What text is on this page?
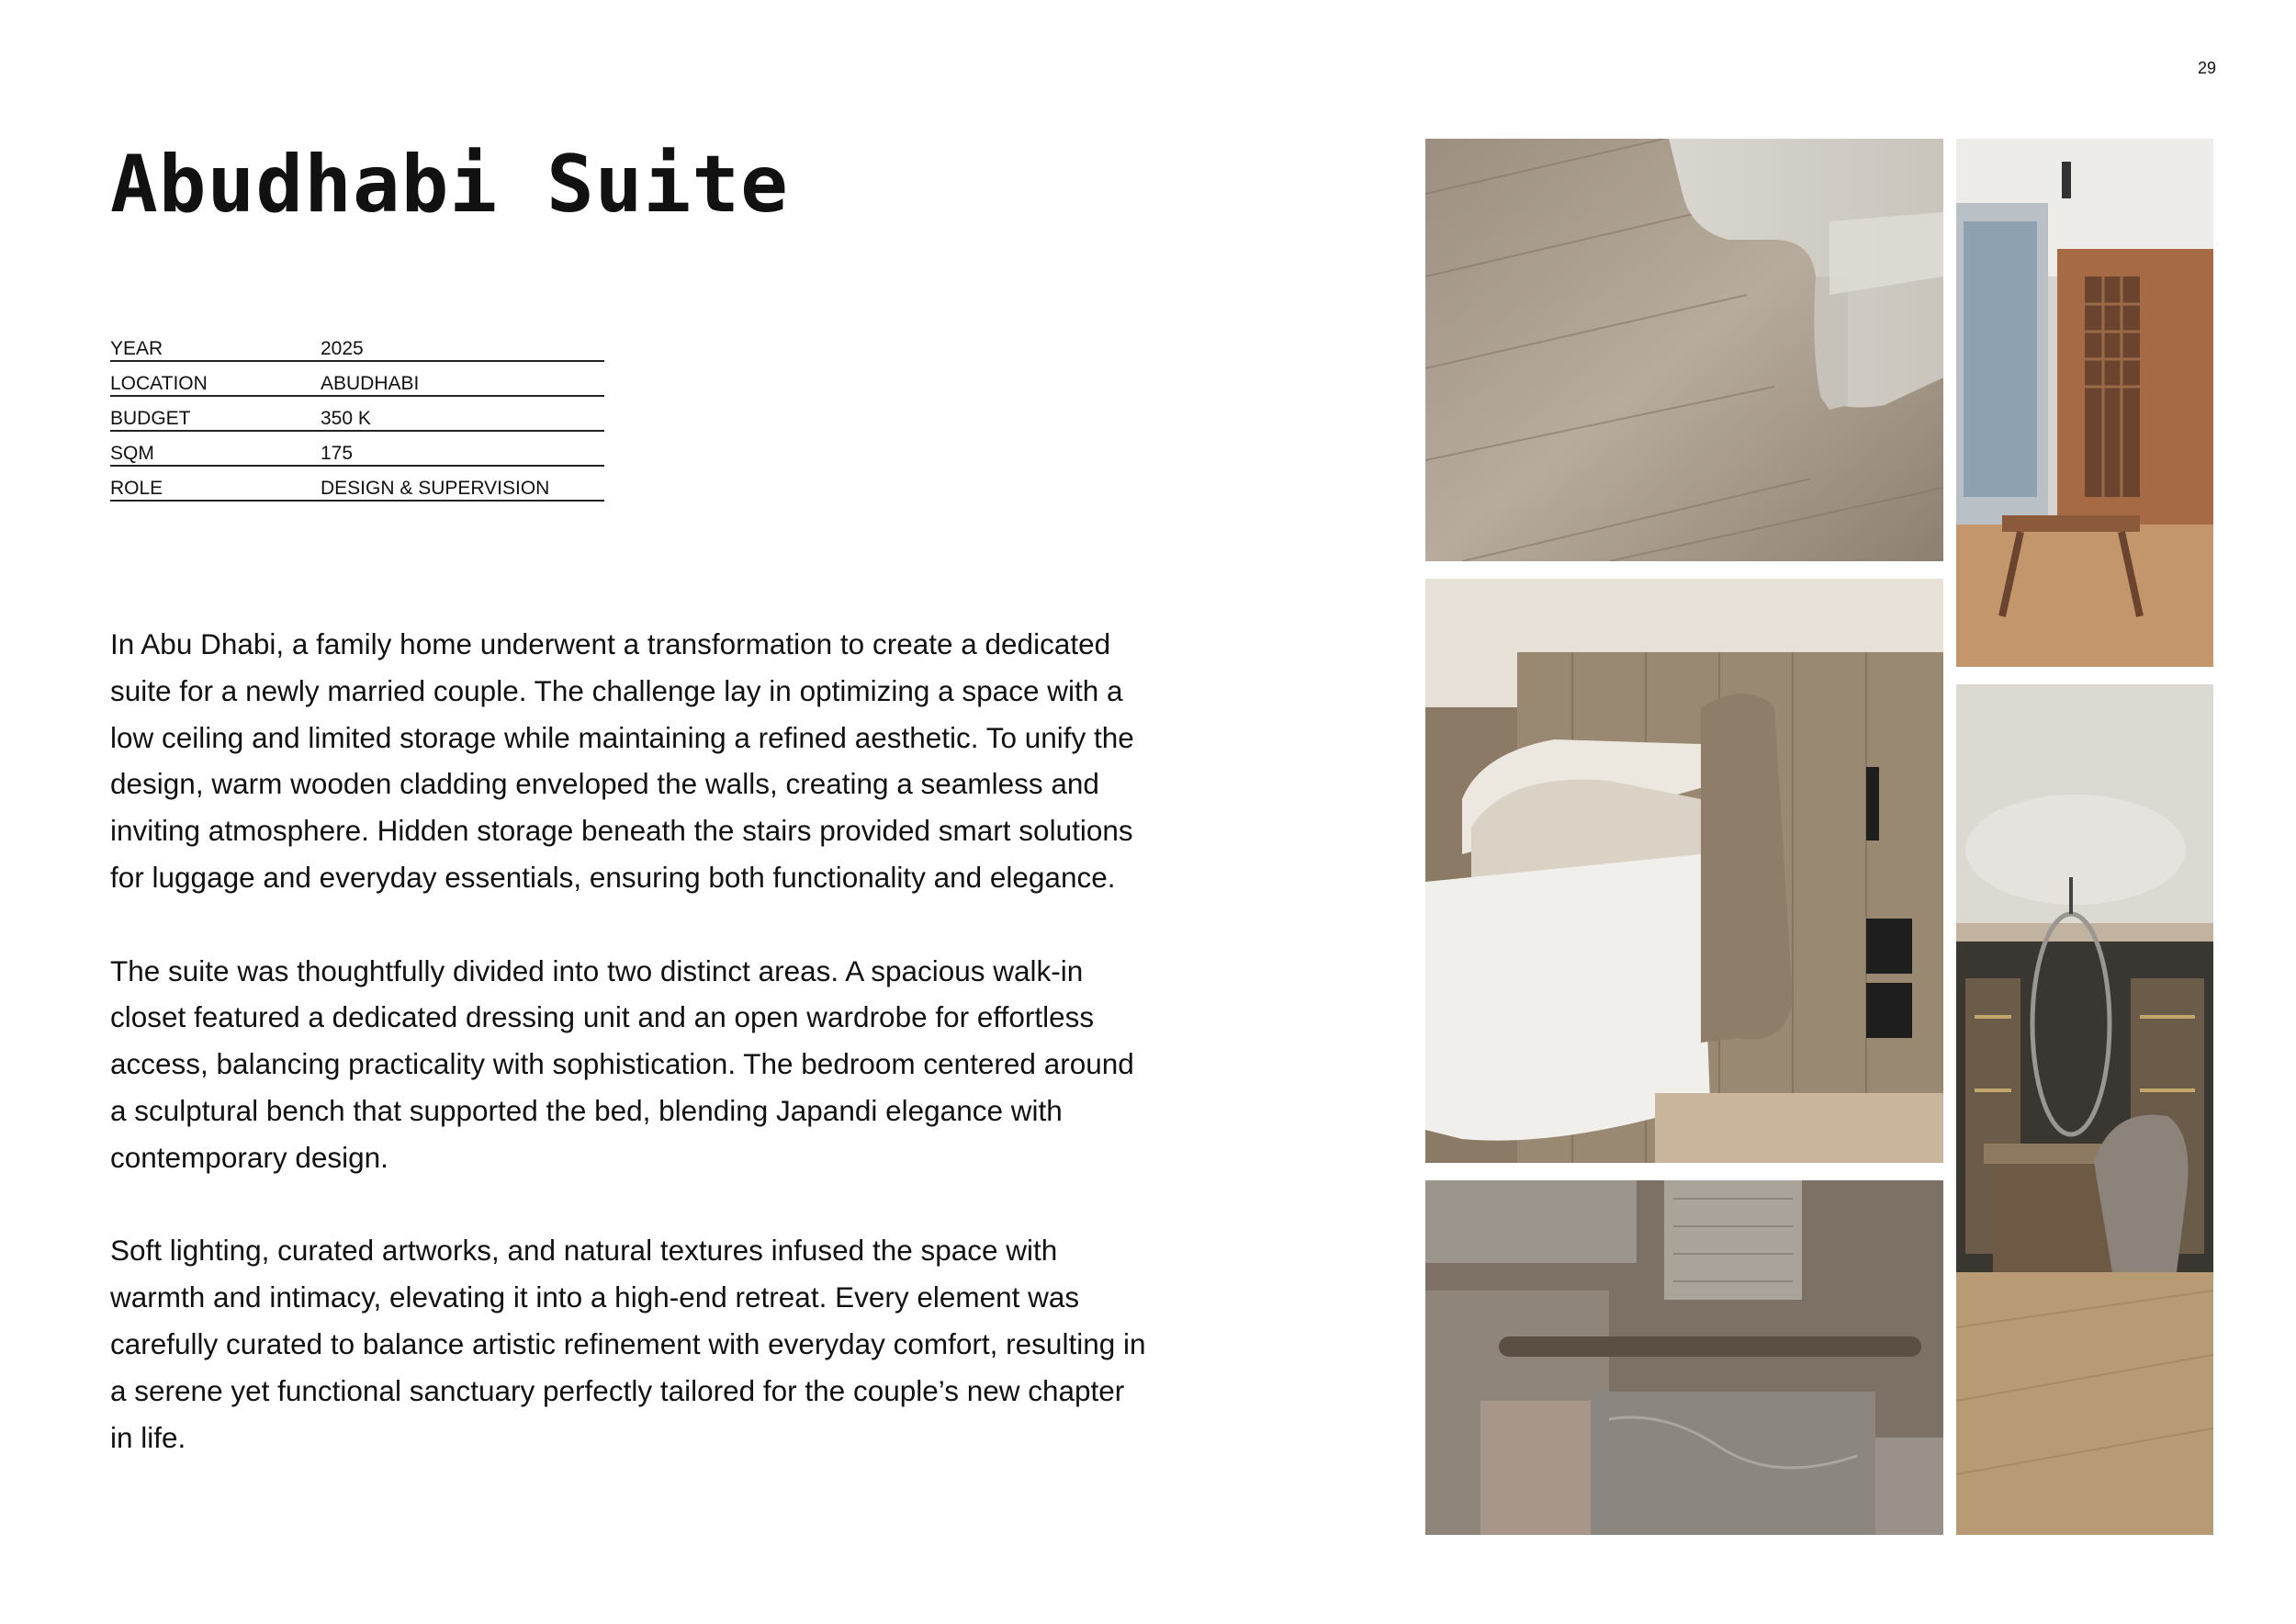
29
Abudhabi Suite
YEAR	2025
LOCATION	ABUDHABI
BUDGET	350 K
SQM	175
ROLE	DESIGN & SUPERVISION

In Abu Dhabi, a family home underwent a transformation to create a dedicated suite for a newly married couple. The challenge lay in optimizing a space with a low ceiling and limited storage while maintaining a refined aesthetic. To unify the design, warm wooden cladding enveloped the walls, creating a seamless and inviting atmosphere. Hidden storage beneath the stairs provided smart solutions for luggage and everyday essentials, ensuring both functionality and elegance.

The suite was thoughtfully divided into two distinct areas. A spacious walk-in closet featured a dedicated dressing unit and an open wardrobe for effortless access, balancing practicality with sophistication. The bedroom centered around a sculptural bench that supported the bed, blending Japandi elegance with contemporary design.

Soft lighting, curated artworks, and natural textures infused the space with warmth and intimacy, elevating it into a high-end retreat. Every element was carefully curated to balance artistic refinement with everyday comfort, resulting in a serene yet functional sanctuary perfectly tailored for the couple’s new chapter in life.
